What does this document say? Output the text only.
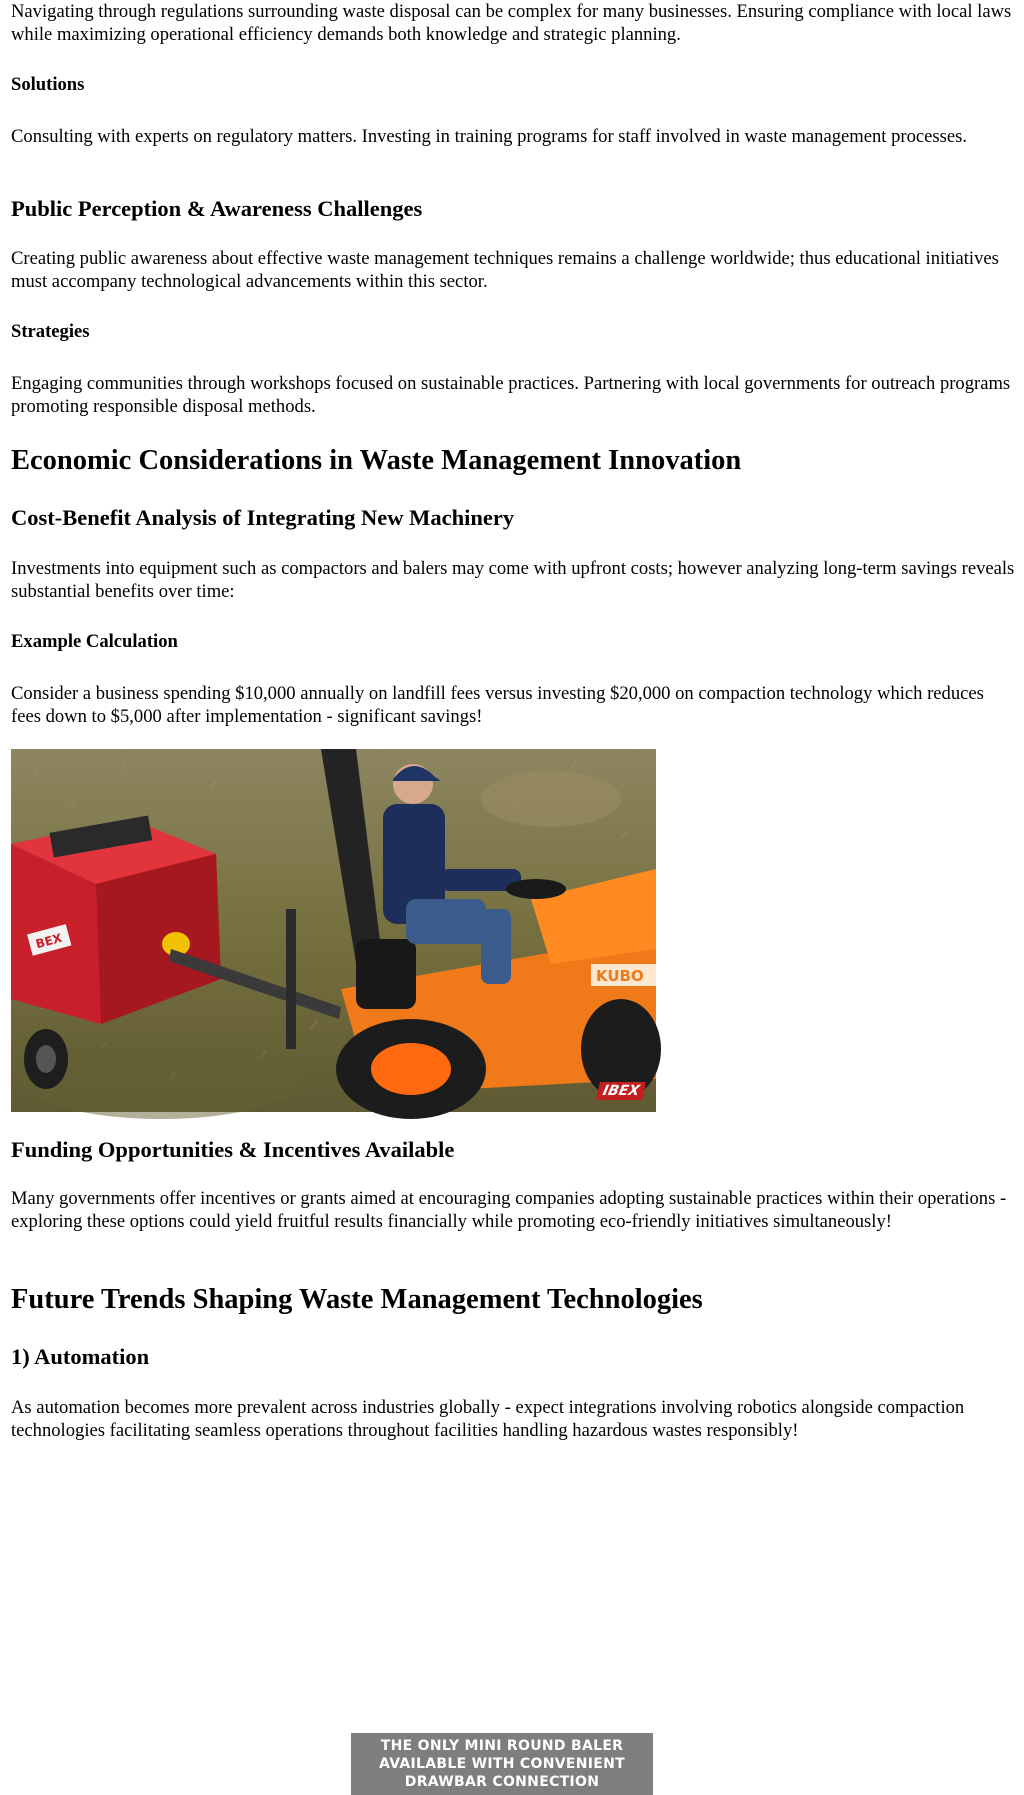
Navigating through regulations surrounding waste disposal can be complex for many businesses. Ensuring compliance with local laws while maximizing operational efficiency demands both knowledge and strategic planning.

Solutions

Consulting with experts on regulatory matters. Investing in training programs for staff involved in waste management processes.

Public Perception & Awareness Challenges

Creating public awareness about effective waste management techniques remains a challenge worldwide; thus educational initiatives must accompany technological advancements within this sector.

Strategies

Engaging communities through workshops focused on sustainable practices. Partnering with local governments for outreach programs promoting responsible disposal methods.

Economic Considerations in Waste Management Innovation
Cost-Benefit Analysis of Integrating New Machinery

Investments into equipment such as compactors and balers may come with upfront costs; however analyzing long-term savings reveals substantial benefits over time:

Example Calculation

Consider a business spending $10,000 annually on landfill fees versus investing $20,000 on compaction technology which reduces fees down to $5,000 after implementation - significant savings!

BEX
KUBO
THE ONLY MINI ROUND BALER
AVAILABLE WITH CONVENIENT
DRAWBAR CONNECTION
IBEX
Funding Opportunities & Incentives Available

Many governments offer incentives or grants aimed at encouraging companies adopting sustainable practices within their operations - exploring these options could yield fruitful results financially while promoting eco-friendly initiatives simultaneously!

Future Trends Shaping Waste Management Technologies
1) Automation

As automation becomes more prevalent across industries globally - expect integrations involving robotics alongside compaction technologies facilitating seamless operations throughout facilities handling hazardous wastes responsibly!
